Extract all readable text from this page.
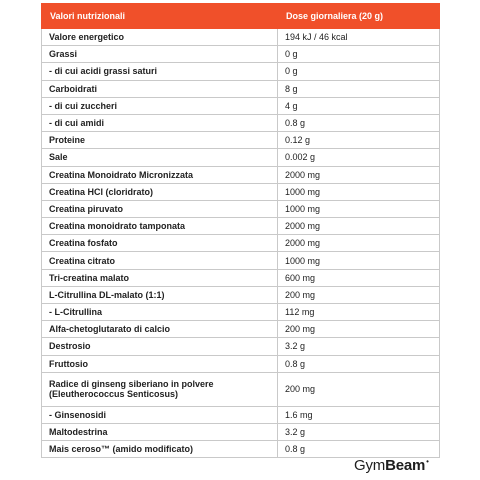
Valori nutrizionali	Dose giornaliera (20 g)
Valore energetico	194 kJ / 46 kcal
Grassi	0 g
- di cui acidi grassi saturi	0 g
Carboidrati	8 g
- di cui zuccheri	4 g
- di cui amidi	0.8 g
Proteine	0.12 g
Sale	0.002 g
Creatina Monoidrato Micronizzata	2000 mg
Creatina HCl (cloridrato)	1000 mg
Creatina piruvato	1000 mg
Creatina monoidrato tamponata	2000 mg
Creatina fosfato	2000 mg
Creatina citrato	1000 mg
Tri-creatina malato	600 mg
L-Citrullina DL-malato (1:1)	200 mg
- L-Citrullina	112 mg
Alfa-chetoglutarato di calcio	200 mg
Destrosio	3.2 g
Fruttosio	0.8 g
Radice di ginseng siberiano in polvere (Eleutherococcus Senticosus)	200 mg
- Ginsenosidi	1.6 mg
Maltodestrina	3.2 g
Mais ceroso™ (amido modificato)	0.8 g
GymBeam•
